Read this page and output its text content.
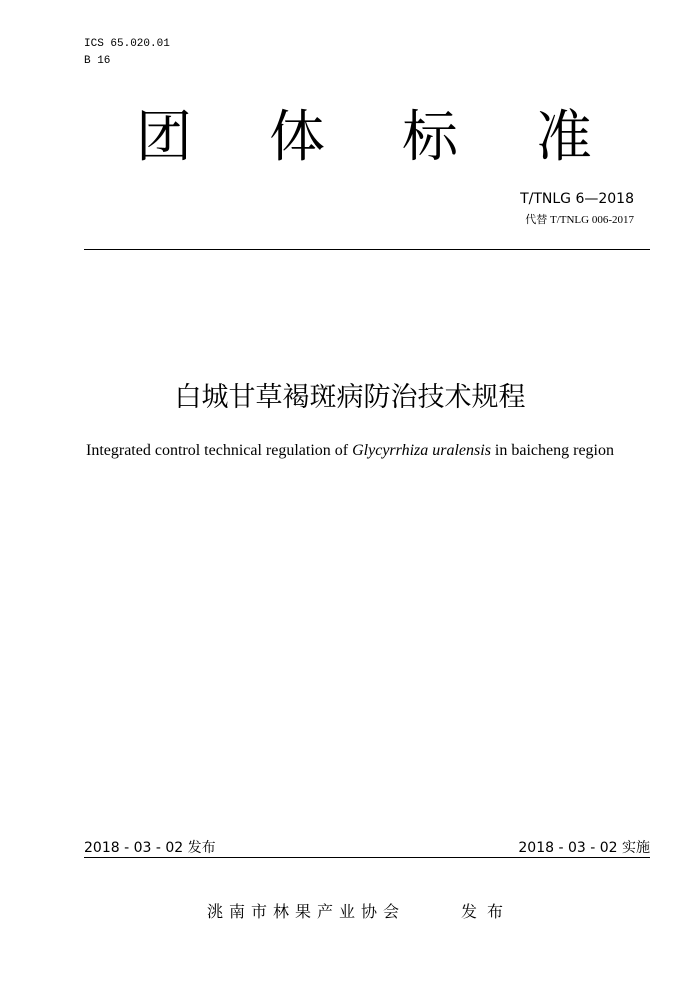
ICS 65.020.01
B 16
团 体 标 准
T/TNLG 6—2018
代替 T/TNLG 006-2017
白城甘草褐斑病防治技术规程
Integrated control technical regulation of Glycyrrhiza uralensis in baicheng region
2018 - 03 - 02 发布	2018 - 03 - 02 实施
洮南市林果产业协会	发布
